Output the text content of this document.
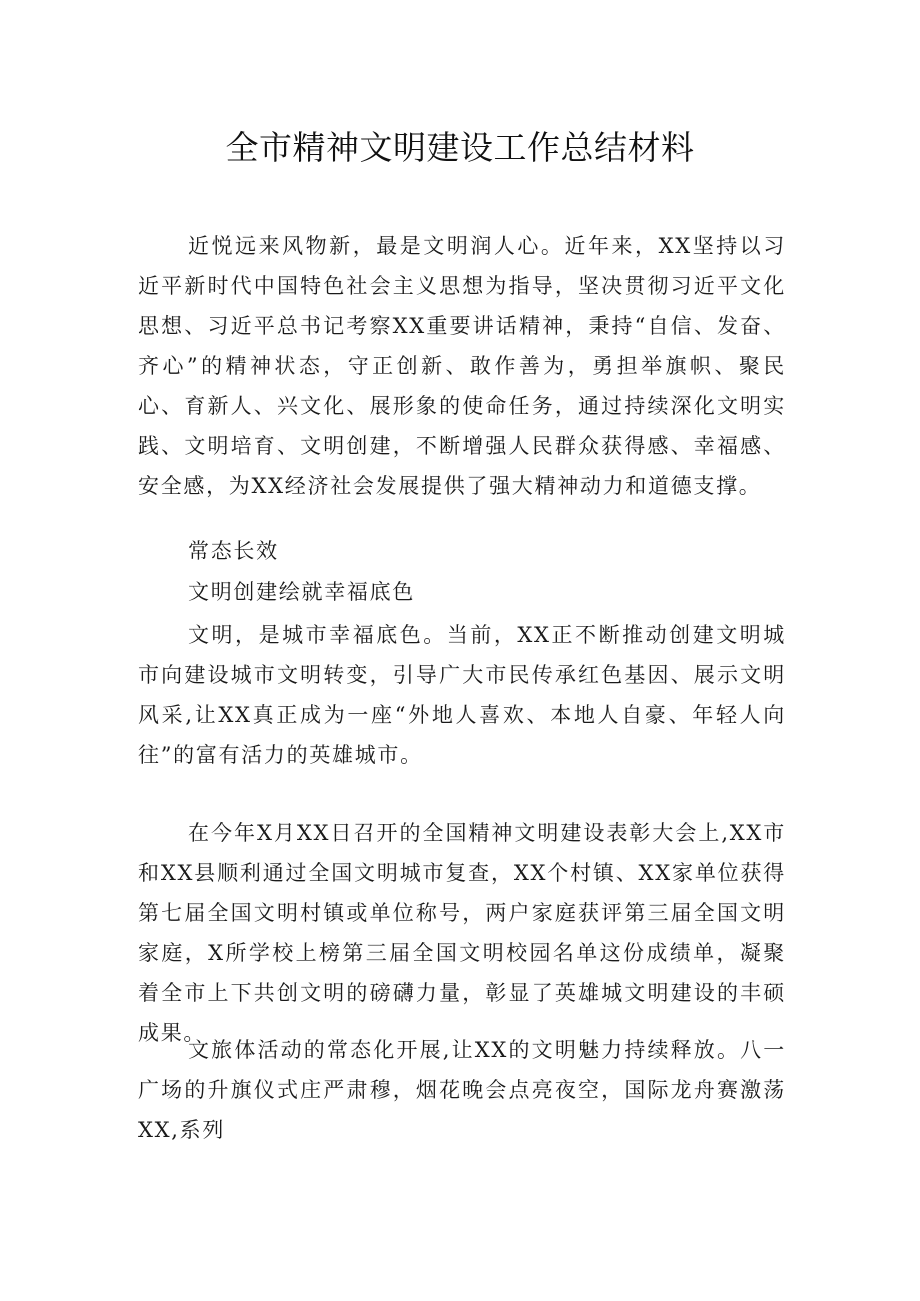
全市精神文明建设工作总结材料

近悦远来风物新，最是文明润人心。近年来，XX坚持以习近平新时代中国特色社会主义思想为指导，坚决贯彻习近平文化思想、习近平总书记考察XX重要讲话精神，秉持“自信、发奋、齐心”的精神状态，守正创新、敢作善为，勇担举旗帜、聚民心、育新人、兴文化、展形象的使命任务，通过持续深化文明实践、文明培育、文明创建，不断增强人民群众获得感、幸福感、安全感，为XX经济社会发展提供了强大精神动力和道德支撑。

常态长效

文明创建绘就幸福底色

文明，是城市幸福底色。当前，XX正不断推动创建文明城市向建设城市文明转变，引导广大市民传承红色基因、展示文明风采,让XX真正成为一座“外地人喜欢、本地人自豪、年轻人向往”的富有活力的英雄城市。

在今年X月XX日召开的全国精神文明建设表彰大会上,XX市和XX县顺利通过全国文明城市复查，XX个村镇、XX家单位获得第七届全国文明村镇或单位称号，两户家庭获评第三届全国文明家庭，X所学校上榜第三届全国文明校园名单这份成绩单，凝聚着全市上下共创文明的磅礴力量，彰显了英雄城文明建设的丰硕成果。

文旅体活动的常态化开展,让XX的文明魅力持续释放。八一广场的升旗仪式庄严肃穆，烟花晚会点亮夜空，国际龙舟赛激荡XX,系列
